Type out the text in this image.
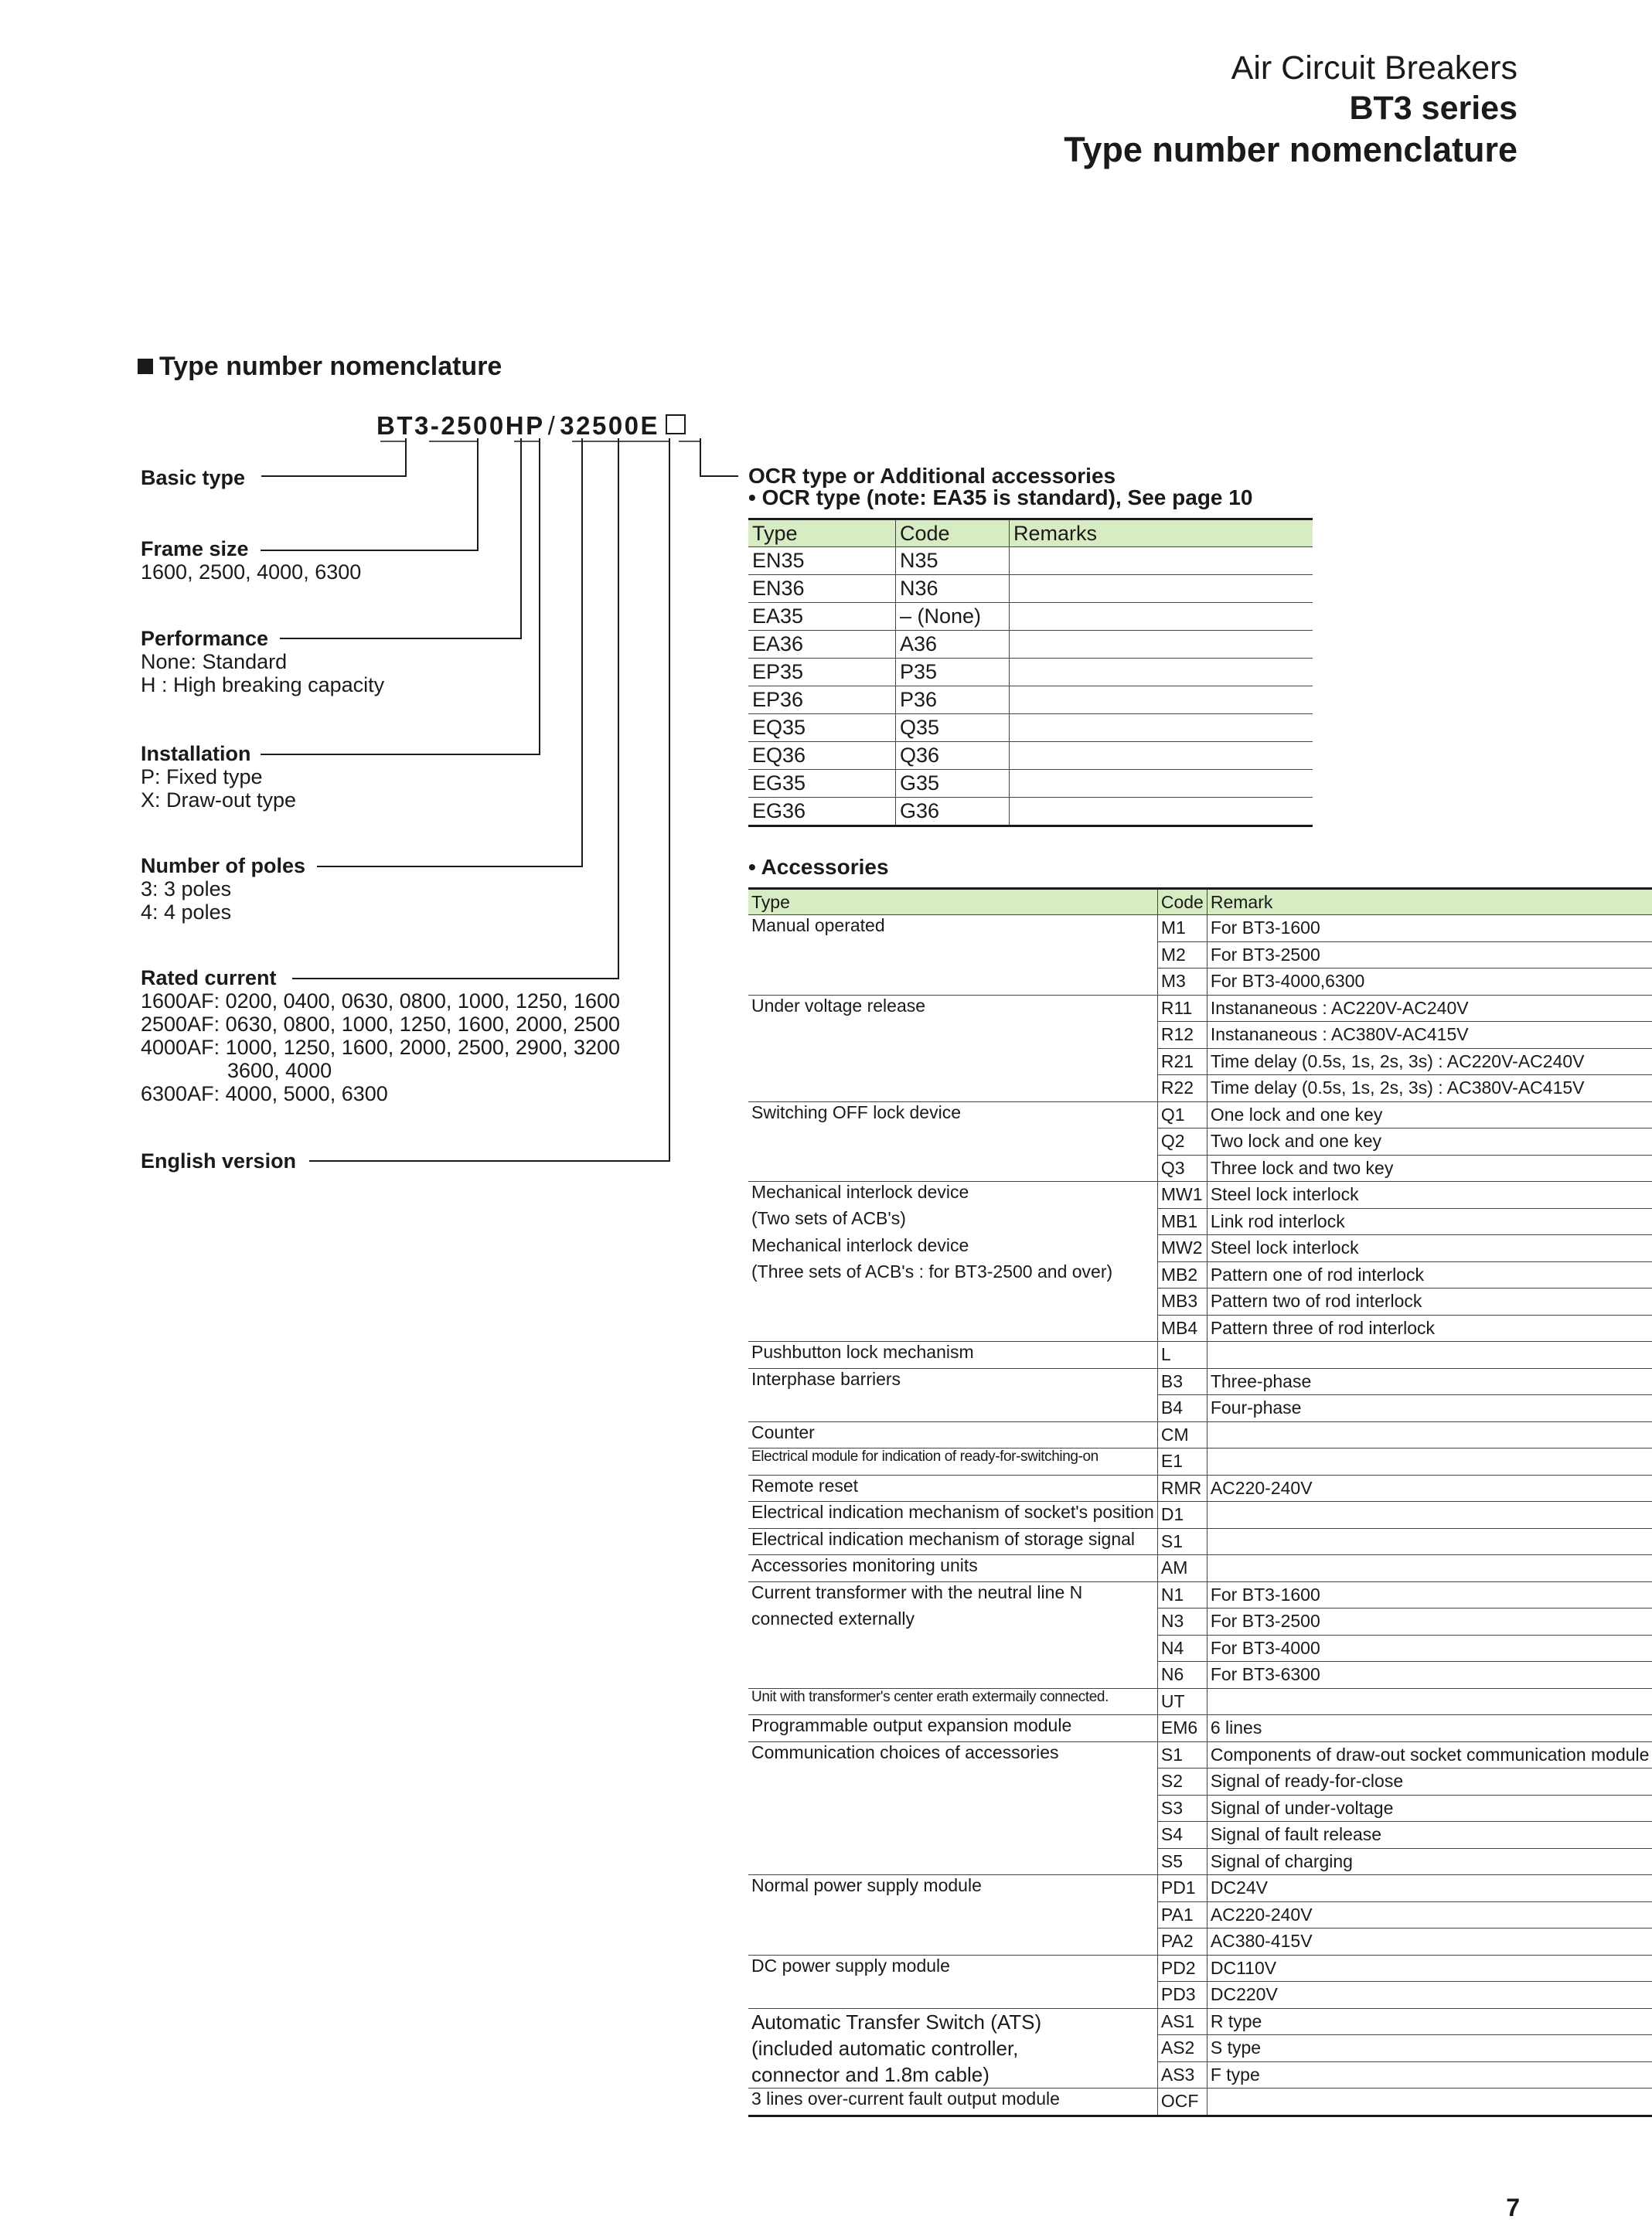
Air Circuit Breakers
BT3 series
Type number nomenclature
Type number nomenclature
BT3-2500HP / 32500E
Basic type
Frame size
1600, 2500, 4000, 6300
Performance
None: Standard
H : High breaking capacity
Installation
P: Fixed type
X: Draw-out type
Number of poles
3: 3 poles
4: 4 poles
Rated current
1600AF: 0200, 0400, 0630, 0800, 1000, 1250, 1600
2500AF: 0630, 0800, 1000, 1250, 1600, 2000, 2500
4000AF: 1000, 1250, 1600, 2000, 2500, 2900, 3200
3600, 4000
6300AF: 4000, 5000, 6300
English version
OCR type or Additional accessories
• OCR type (note: EA35 is standard), See page 10
Type	Code	Remarks
EN35	N35	
EN36	N36	
EA35	– (None)	
EA36	A36	
EP35	P35	
EP36	P36	
EQ35	Q35	
EQ36	Q36	
EG35	G35	
EG36	G36	
• Accessories
Type	Code	Remark
Manual operated	M1	For BT3-1600
	M2	For BT3-2500
	M3	For BT3-4000,6300
Under voltage release	R11	Instananeous : AC220V-AC240V
	R12	Instananeous : AC380V-AC415V
	R21	Time delay (0.5s, 1s, 2s, 3s) : AC220V-AC240V
	R22	Time delay (0.5s, 1s, 2s, 3s) : AC380V-AC415V
Switching OFF lock device	Q1	One lock and one key
	Q2	Two lock and one key
	Q3	Three lock and two key
Mechanical interlock device	MW1	Steel lock interlock
(Two sets of ACB's)	MB1	Link rod interlock
Mechanical interlock device	MW2	Steel lock interlock
(Three sets of ACB's : for BT3-2500 and over)	MB2	Pattern one of rod interlock
	MB3	Pattern two of rod interlock
	MB4	Pattern three of rod interlock
Pushbutton lock mechanism	L	
Interphase barriers	B3	Three-phase
	B4	Four-phase
Counter	CM	
Electrical module for indication of ready-for-switching-on	E1	
Remote reset	RMR	AC220-240V
Electrical indication mechanism of socket's position	D1	
Electrical indication mechanism of storage signal	S1	
Accessories monitoring units	AM	
Current transformer with the neutral line N	N1	For BT3-1600
connected externally	N3	For BT3-2500
	N4	For BT3-4000
	N6	For BT3-6300
Unit with transformer's center erath extermaily connected.	UT	
Programmable output expansion module	EM6	6 lines
Communication choices of accessories	S1	Components of draw-out socket communication module
	S2	Signal of ready-for-close
	S3	Signal of under-voltage
	S4	Signal of fault release
	S5	Signal of charging
Normal power supply module	PD1	DC24V
	PA1	AC220-240V
	PA2	AC380-415V
DC power supply module	PD2	DC110V
	PD3	DC220V
Automatic Transfer Switch (ATS)	AS1	R type
(included automatic controller,	AS2	S type
connector and 1.8m cable)	AS3	F type
3 lines over-current fault output module	OCF	
7
